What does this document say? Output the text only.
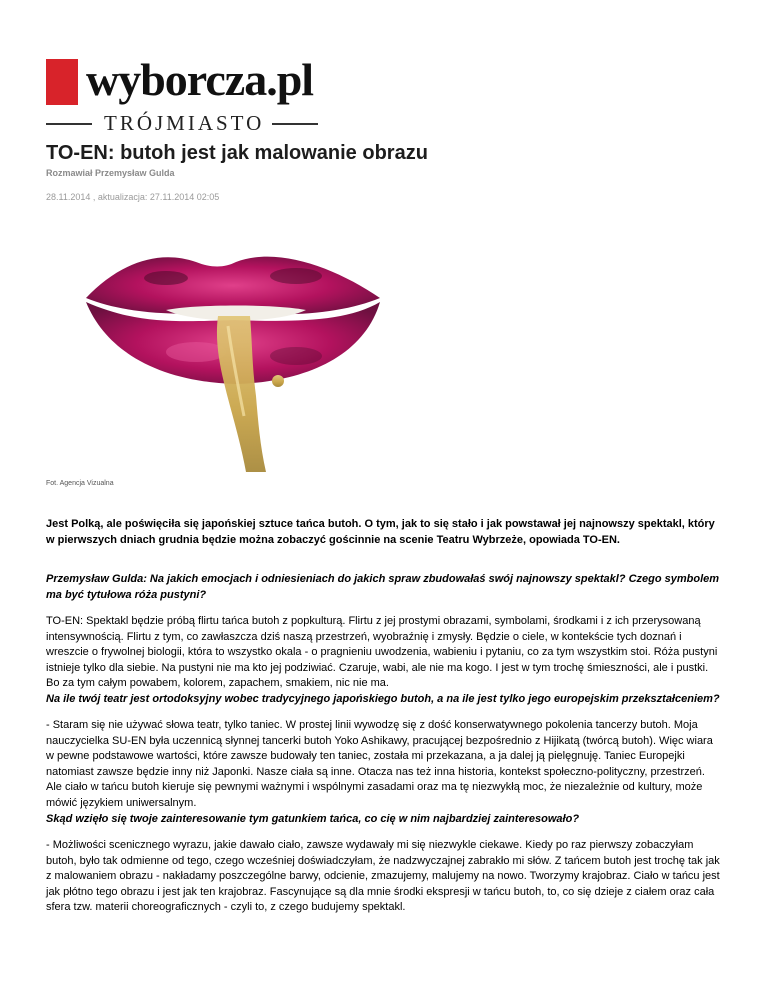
wyborcza.pl
TRÓJMIASTO
TO-EN: butoh jest jak malowanie obrazu
Rozmawiał Przemysław Gulda
28.11.2014 , aktualizacja: 27.11.2014 02:05
Fot. Agencja Vizualna
Jest Polką, ale poświęciła się japońskiej sztuce tańca butoh. O tym, jak to się stało i jak powstawał jej najnowszy spektakl, który w pierwszych dniach grudnia będzie można zobaczyć gościnnie na scenie Teatru Wybrzeże, opowiada TO-EN.
Przemysław Gulda: Na jakich emocjach i odniesieniach do jakich spraw zbudowałaś swój najnowszy spektakl? Czego symbolem ma być tytułowa róża pustyni?
TO-EN: Spektakl będzie próbą flirtu tańca butoh z popkulturą. Flirtu z jej prostymi obrazami, symbolami, środkami i z ich przerysowaną intensywnością. Flirtu z tym, co zawłaszcza dziś naszą przestrzeń, wyobraźnię i zmysły. Będzie o ciele, w kontekście tych doznań i wreszcie o frywolnej biologii, która to wszystko okala - o pragnieniu uwodzenia, wabieniu i pytaniu, co za tym wszystkim stoi. Róża pustyni istnieje tylko dla siebie. Na pustyni nie ma kto jej podziwiać. Czaruje, wabi, ale nie ma kogo. I jest w tym trochę śmieszności, ale i pustki. Bo za tym całym powabem, kolorem, zapachem, smakiem, nic nie ma.
Na ile twój teatr jest ortodoksyjny wobec tradycyjnego japońskiego butoh, a na ile jest tylko jego europejskim przekształceniem?
- Staram się nie używać słowa teatr, tylko taniec. W prostej linii wywodzę się z dość konserwatywnego pokolenia tancerzy butoh. Moja nauczycielka SU-EN była uczennicą słynnej tancerki butoh Yoko Ashikawy, pracującej bezpośrednio z Hijikatą (twórcą butoh). Więc wiara w pewne podstawowe wartości, które zawsze budowały ten taniec, została mi przekazana, a ja dalej ją pielęgnuję. Taniec Europejki natomiast zawsze będzie inny niż Japonki. Nasze ciała są inne. Otacza nas też inna historia, kontekst społeczno-polityczny, przestrzeń. Ale ciało w tańcu butoh kieruje się pewnymi ważnymi i wspólnymi zasadami oraz ma tę niezwykłą moc, że niezależnie od kultury, może mówić językiem uniwersalnym.
Skąd wzięło się twoje zainteresowanie tym gatunkiem tańca, co cię w nim najbardziej zainteresowało?
- Możliwości scenicznego wyrazu, jakie dawało ciało, zawsze wydawały mi się niezwykle ciekawe. Kiedy po raz pierwszy zobaczyłam butoh, było tak odmienne od tego, czego wcześniej doświadczyłam, że nadzwyczajnej zabrakło mi słów. Z tańcem butoh jest trochę tak jak z malowaniem obrazu - nakładamy poszczególne barwy, odcienie, zmazujemy, malujemy na nowo. Tworzymy krajobraz. Ciało w tańcu jest jak płótno tego obrazu i jest jak ten krajobraz. Fascynujące są dla mnie środki ekspresji w tańcu butoh, to, co się dzieje z ciałem oraz cała sfera tzw. materii choreograficznych - czyli to, z czego budujemy spektakl.
